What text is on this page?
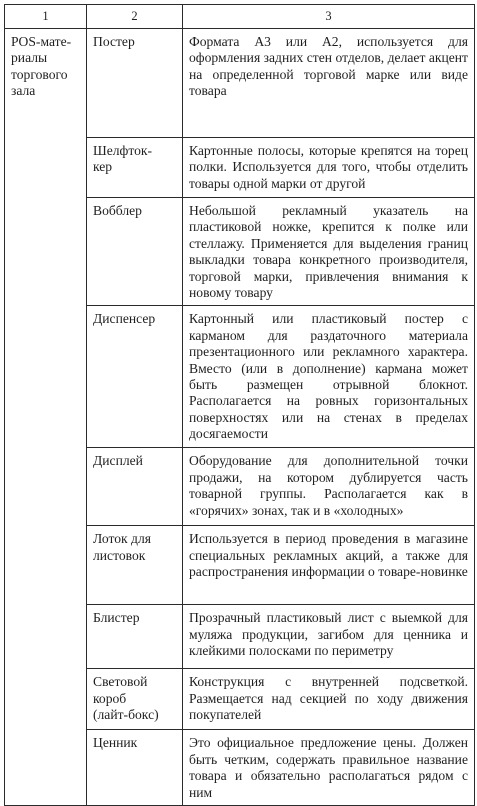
1	2	3
POS-мате-
риалы
торгового
зала	Постер	Формата А3 или А2, используется для оформления задних стен отделов, делает акцент на определенной торговой марке или виде товара
	Шелфток-
кер	Картонные полосы, которые крепятся на торец полки. Используется для того, чтобы отделить товары одной марки от другой
	Вобблер	Небольшой рекламный указатель на пластиковой ножке, крепится к полке или стеллажу. Применяется для выделения границ выкладки товара конкретного производителя, торговой марки, привлечения внимания к новому товару
	Диспенсер	Картонный или пластиковый постер с карманом для раздаточного материала презентационного или рекламного характера. Вместо (или в дополнение) кармана может быть размещен отрывной блокнот. Располагается на ровных горизонтальных поверхностях или на стенах в пределах досягаемости
	Дисплей	Оборудование для дополнительной точки продажи, на котором дублируется часть товарной группы. Располагается как в «горячих» зонах, так и в «холодных»
	Лоток для
листовок	Используется в период проведения в магазине специальных рекламных акций, а также для распространения информации о товаре-новинке
	Блистер	Прозрачный пластиковый лист с выемкой для муляжа продукции, загибом для ценника и клейкими полосками по периметру
	Световой
короб
(лайт-бокс)	Конструкция с внутренней подсветкой. Размещается над секцией по ходу движения покупателей
	Ценник	Это официальное предложение цены. Должен быть четким, содержать правильное название товара и обязательно располагаться рядом с ним
